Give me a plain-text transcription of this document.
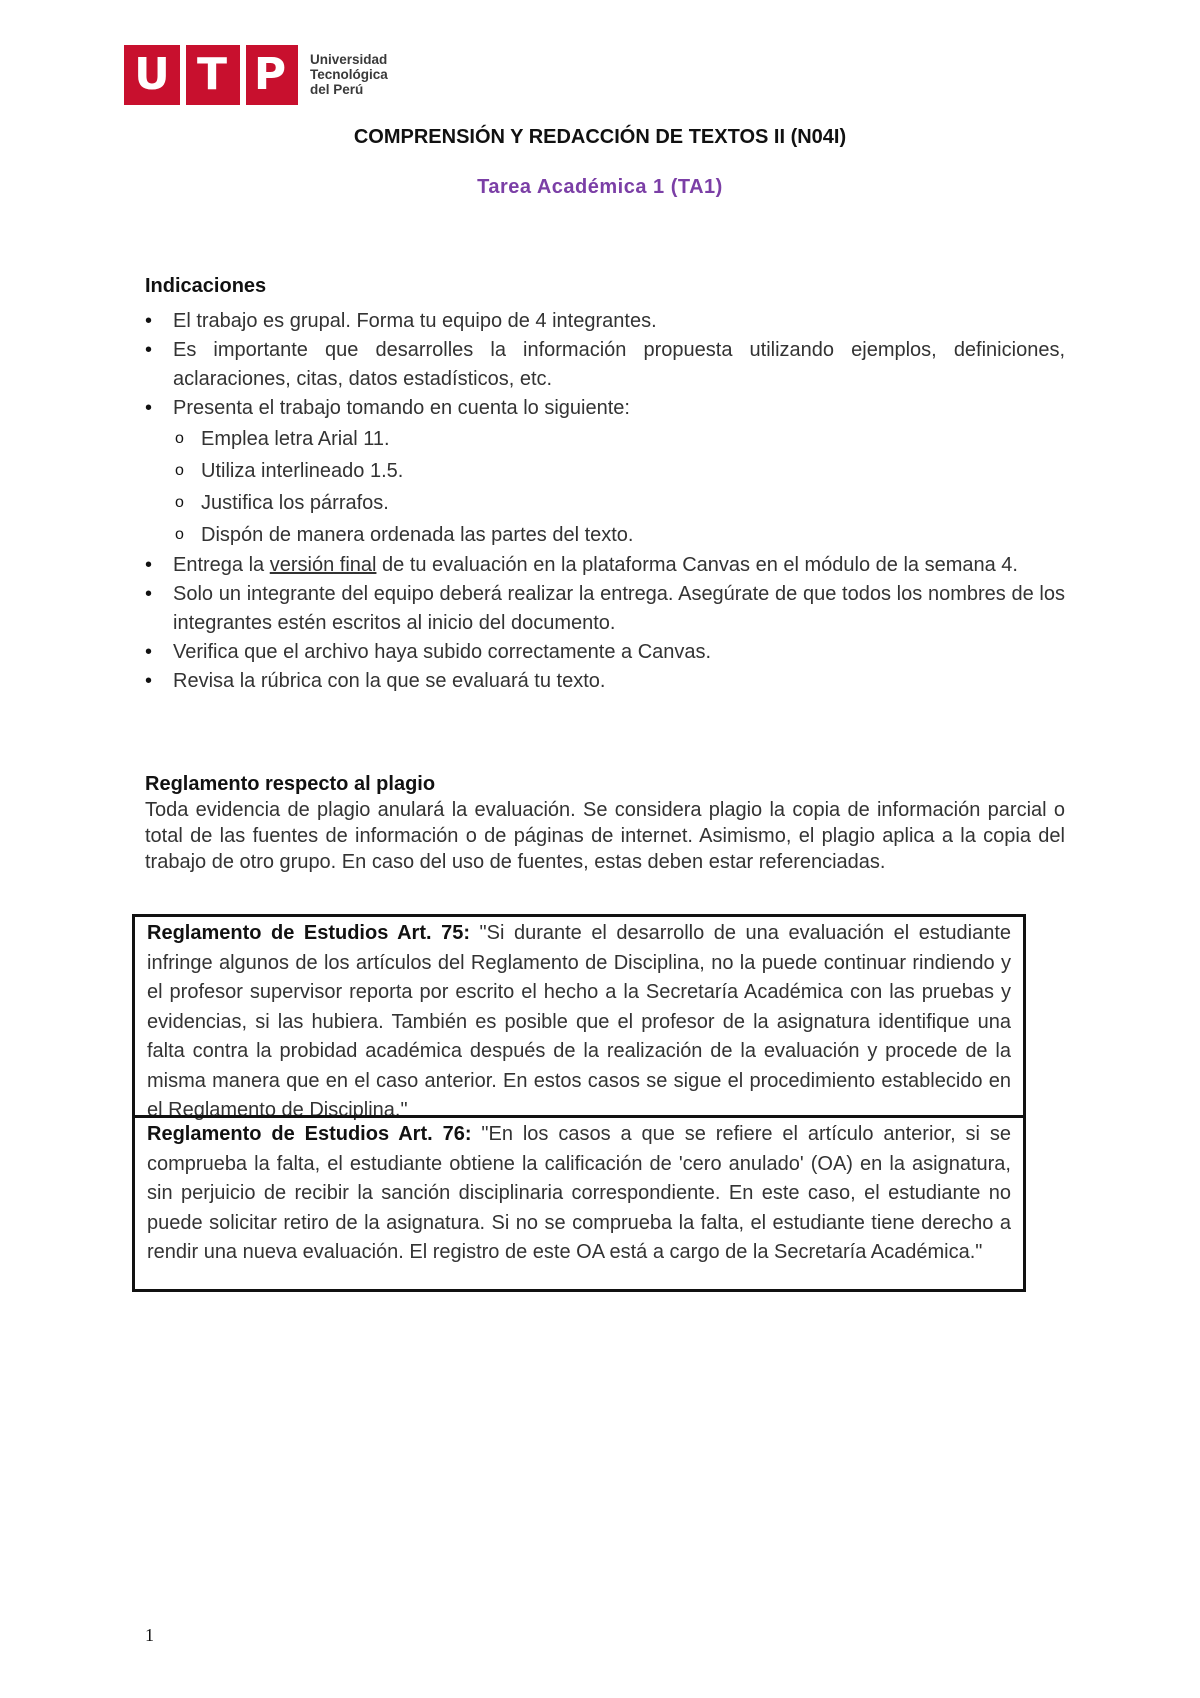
U T P	Universidad
Tecnológica
del Perú
COMPRENSIÓN Y REDACCIÓN DE TEXTOS II (N04I)
Tarea Académica 1 (TA1)
Indicaciones
• El trabajo es grupal. Forma tu equipo de 4 integrantes.
• Es importante que desarrolles la información propuesta utilizando ejemplos, definiciones, aclaraciones, citas, datos estadísticos, etc.
• Presenta el trabajo tomando en cuenta lo siguiente:
o Emplea letra Arial 11.
o Utiliza interlineado 1.5.
o Justifica los párrafos.
o Dispón de manera ordenada las partes del texto.
• Entrega la versión final de tu evaluación en la plataforma Canvas en el módulo de la semana 4.
• Solo un integrante del equipo deberá realizar la entrega. Asegúrate de que todos los nombres de los integrantes estén escritos al inicio del documento.
• Verifica que el archivo haya subido correctamente a Canvas.
• Revisa la rúbrica con la que se evaluará tu texto.
Reglamento respecto al plagio
Toda evidencia de plagio anulará la evaluación. Se considera plagio la copia de información parcial o total de las fuentes de información o de páginas de internet. Asimismo, el plagio aplica a la copia del trabajo de otro grupo. En caso del uso de fuentes, estas deben estar referenciadas.
Reglamento de Estudios Art. 75: "Si durante el desarrollo de una evaluación el estudiante infringe algunos de los artículos del Reglamento de Disciplina, no la puede continuar rindiendo y el profesor supervisor reporta por escrito el hecho a la Secretaría Académica con las pruebas y evidencias, si las hubiera. También es posible que el profesor de la asignatura identifique una falta contra la probidad académica después de la realización de la evaluación y procede de la misma manera que en el caso anterior. En estos casos se sigue el procedimiento establecido en el Reglamento de Disciplina."
Reglamento de Estudios Art. 76: "En los casos a que se refiere el artículo anterior, si se comprueba la falta, el estudiante obtiene la calificación de 'cero anulado' (OA) en la asignatura, sin perjuicio de recibir la sanción disciplinaria correspondiente. En este caso, el estudiante no puede solicitar retiro de la asignatura. Si no se comprueba la falta, el estudiante tiene derecho a rendir una nueva evaluación. El registro de este OA está a cargo de la Secretaría Académica."
1
